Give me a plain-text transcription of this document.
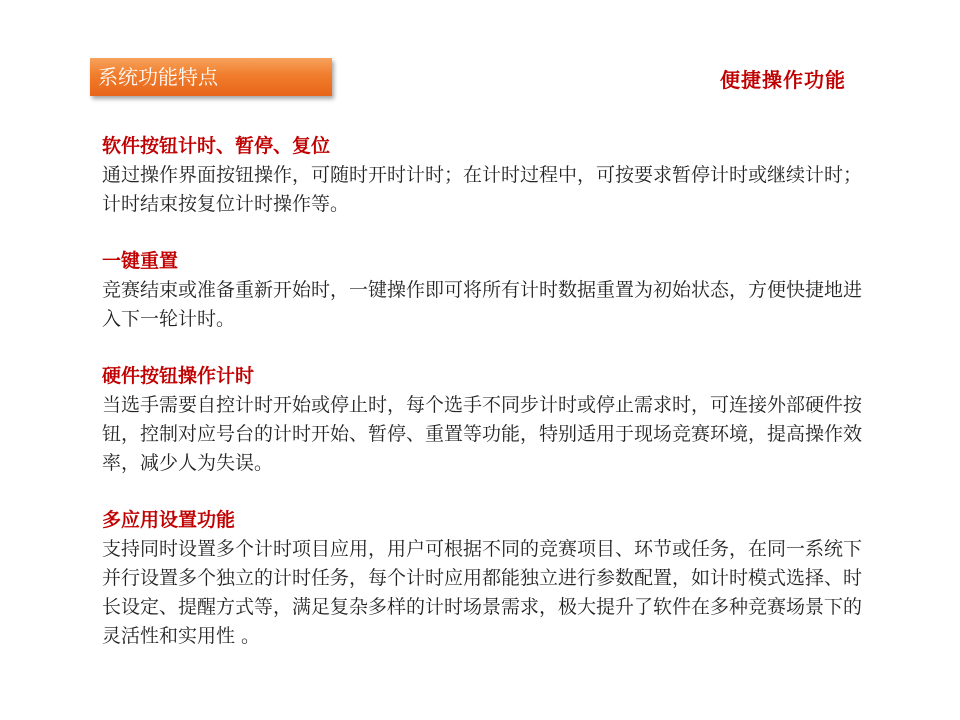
系统功能特点	便捷操作功能
软件按钮计时、暂停、复位
通过操作界面按钮操作，可随时开时计时；在计时过程中，可按要求暂停计时或继续计时；计时结束按复位计时操作等。
一键重置
竞赛结束或准备重新开始时，一键操作即可将所有计时数据重置为初始状态，方便快捷地进入下一轮计时。
硬件按钮操作计时
当选手需要自控计时开始或停止时，每个选手不同步计时或停止需求时，可连接外部硬件按钮，控制对应号台的计时开始、暂停、重置等功能，特别适用于现场竞赛环境，提高操作效率，减少人为失误。
多应用设置功能
支持同时设置多个计时项目应用，用户可根据不同的竞赛项目、环节或任务，在同一系统下并行设置多个独立的计时任务，每个计时应用都能独立进行参数配置，如计时模式选择、时长设定、提醒方式等，满足复杂多样的计时场景需求，极大提升了软件在多种竞赛场景下的灵活性和实用性 。
